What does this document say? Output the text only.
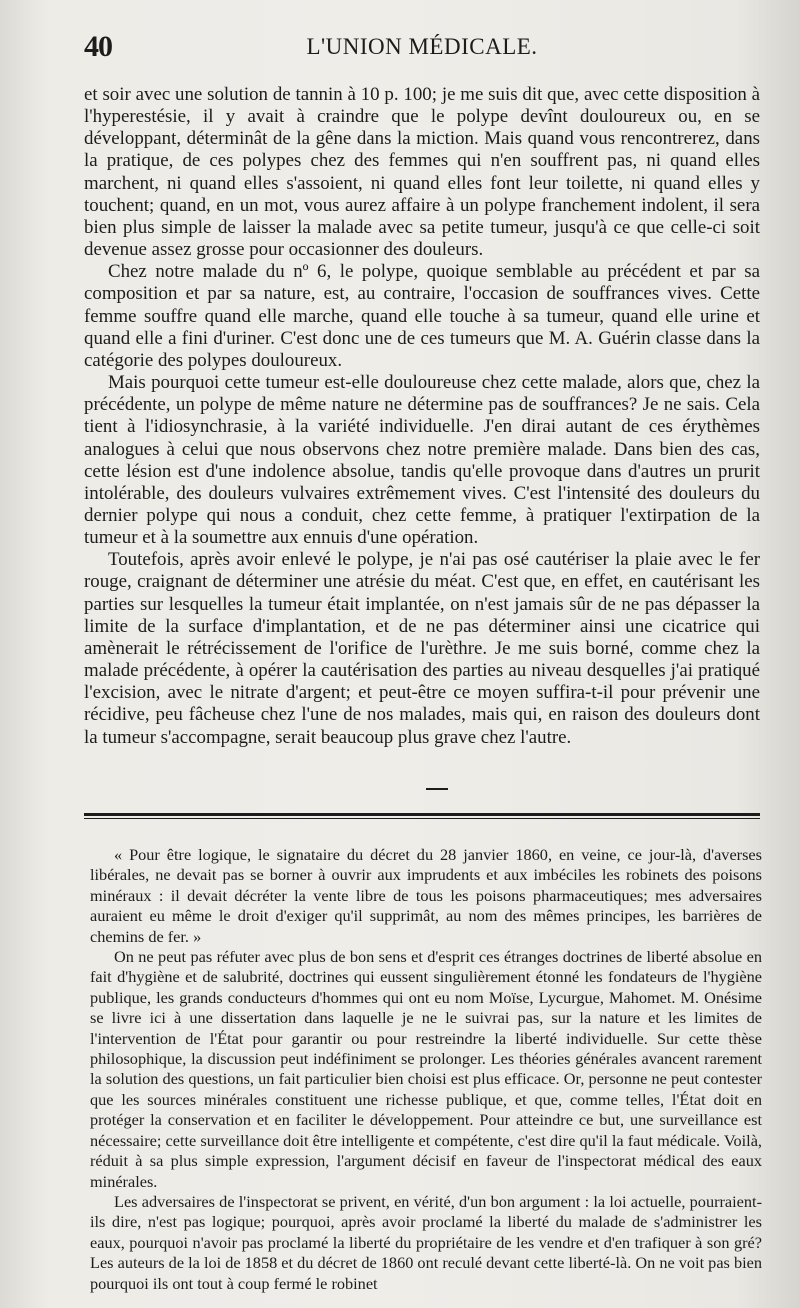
40	L'UNION MÉDICALE.

et soir avec une solution de tannin à 10 p. 100; je me suis dit que, avec cette disposition à l'hyperestésie, il y avait à craindre que le polype devînt douloureux ou, en se développant, déterminât de la gêne dans la miction. Mais quand vous rencontrerez, dans la pratique, de ces polypes chez des femmes qui n'en souffrent pas, ni quand elles marchent, ni quand elles s'assoient, ni quand elles font leur toilette, ni quand elles y touchent; quand, en un mot, vous aurez affaire à un polype franchement indolent, il sera bien plus simple de laisser la malade avec sa petite tumeur, jusqu'à ce que celle-ci soit devenue assez grosse pour occasionner des douleurs.

Chez notre malade du nº 6, le polype, quoique semblable au précédent et par sa composition et par sa nature, est, au contraire, l'occasion de souffrances vives. Cette femme souffre quand elle marche, quand elle touche à sa tumeur, quand elle urine et quand elle a fini d'uriner. C'est donc une de ces tumeurs que M. A. Guérin classe dans la catégorie des polypes douloureux.

Mais pourquoi cette tumeur est-elle douloureuse chez cette malade, alors que, chez la précédente, un polype de même nature ne détermine pas de souffrances? Je ne sais. Cela tient à l'idiosynchrasie, à la variété individuelle. J'en dirai autant de ces érythèmes analogues à celui que nous observons chez notre première malade. Dans bien des cas, cette lésion est d'une indolence absolue, tandis qu'elle provoque dans d'autres un prurit intolérable, des douleurs vulvaires extrêmement vives. C'est l'intensité des douleurs du dernier polype qui nous a conduit, chez cette femme, à pratiquer l'extirpation de la tumeur et à la soumettre aux ennuis d'une opération.

Toutefois, après avoir enlevé le polype, je n'ai pas osé cautériser la plaie avec le fer rouge, craignant de déterminer une atrésie du méat. C'est que, en effet, en cautérisant les parties sur lesquelles la tumeur était implantée, on n'est jamais sûr de ne pas dépasser la limite de la surface d'implantation, et de ne pas déterminer ainsi une cicatrice qui amènerait le rétrécissement de l'orifice de l'urèthre. Je me suis borné, comme chez la malade précédente, à opérer la cautérisation des parties au niveau desquelles j'ai pratiqué l'excision, avec le nitrate d'argent; et peut-être ce moyen suffira-t-il pour prévenir une récidive, peu fâcheuse chez l'une de nos malades, mais qui, en raison des douleurs dont la tumeur s'accompagne, serait beaucoup plus grave chez l'autre.

« Pour être logique, le signataire du décret du 28 janvier 1860, en veine, ce jour-là, d'averses libérales, ne devait pas se borner à ouvrir aux imprudents et aux imbéciles les robinets des poisons minéraux : il devait décréter la vente libre de tous les poisons pharmaceutiques; mes adversaires auraient eu même le droit d'exiger qu'il supprimât, au nom des mêmes principes, les barrières de chemins de fer. »

On ne peut pas réfuter avec plus de bon sens et d'esprit ces étranges doctrines de liberté absolue en fait d'hygiène et de salubrité, doctrines qui eussent singulièrement étonné les fondateurs de l'hygiène publique, les grands conducteurs d'hommes qui ont eu nom Moïse, Lycurgue, Mahomet. M. Onésime se livre ici à une dissertation dans laquelle je ne le suivrai pas, sur la nature et les limites de l'intervention de l'État pour garantir ou pour restreindre la liberté individuelle. Sur cette thèse philosophique, la discussion peut indéfiniment se prolonger. Les théories générales avancent rarement la solution des questions, un fait particulier bien choisi est plus efficace. Or, personne ne peut contester que les sources minérales constituent une richesse publique, et que, comme telles, l'État doit en protéger la conservation et en faciliter le développement. Pour atteindre ce but, une surveillance est nécessaire; cette surveillance doit être intelligente et compétente, c'est dire qu'il la faut médicale. Voilà, réduit à sa plus simple expression, l'argument décisif en faveur de l'inspectorat médical des eaux minérales.

Les adversaires de l'inspectorat se privent, en vérité, d'un bon argument : la loi actuelle, pourraient-ils dire, n'est pas logique; pourquoi, après avoir proclamé la liberté du malade de s'administrer les eaux, pourquoi n'avoir pas proclamé la liberté du propriétaire de les vendre et d'en trafiquer à son gré? Les auteurs de la loi de 1858 et du décret de 1860 ont reculé devant cette liberté-là. On ne voit pas bien pourquoi ils ont tout à coup fermé le robinet
